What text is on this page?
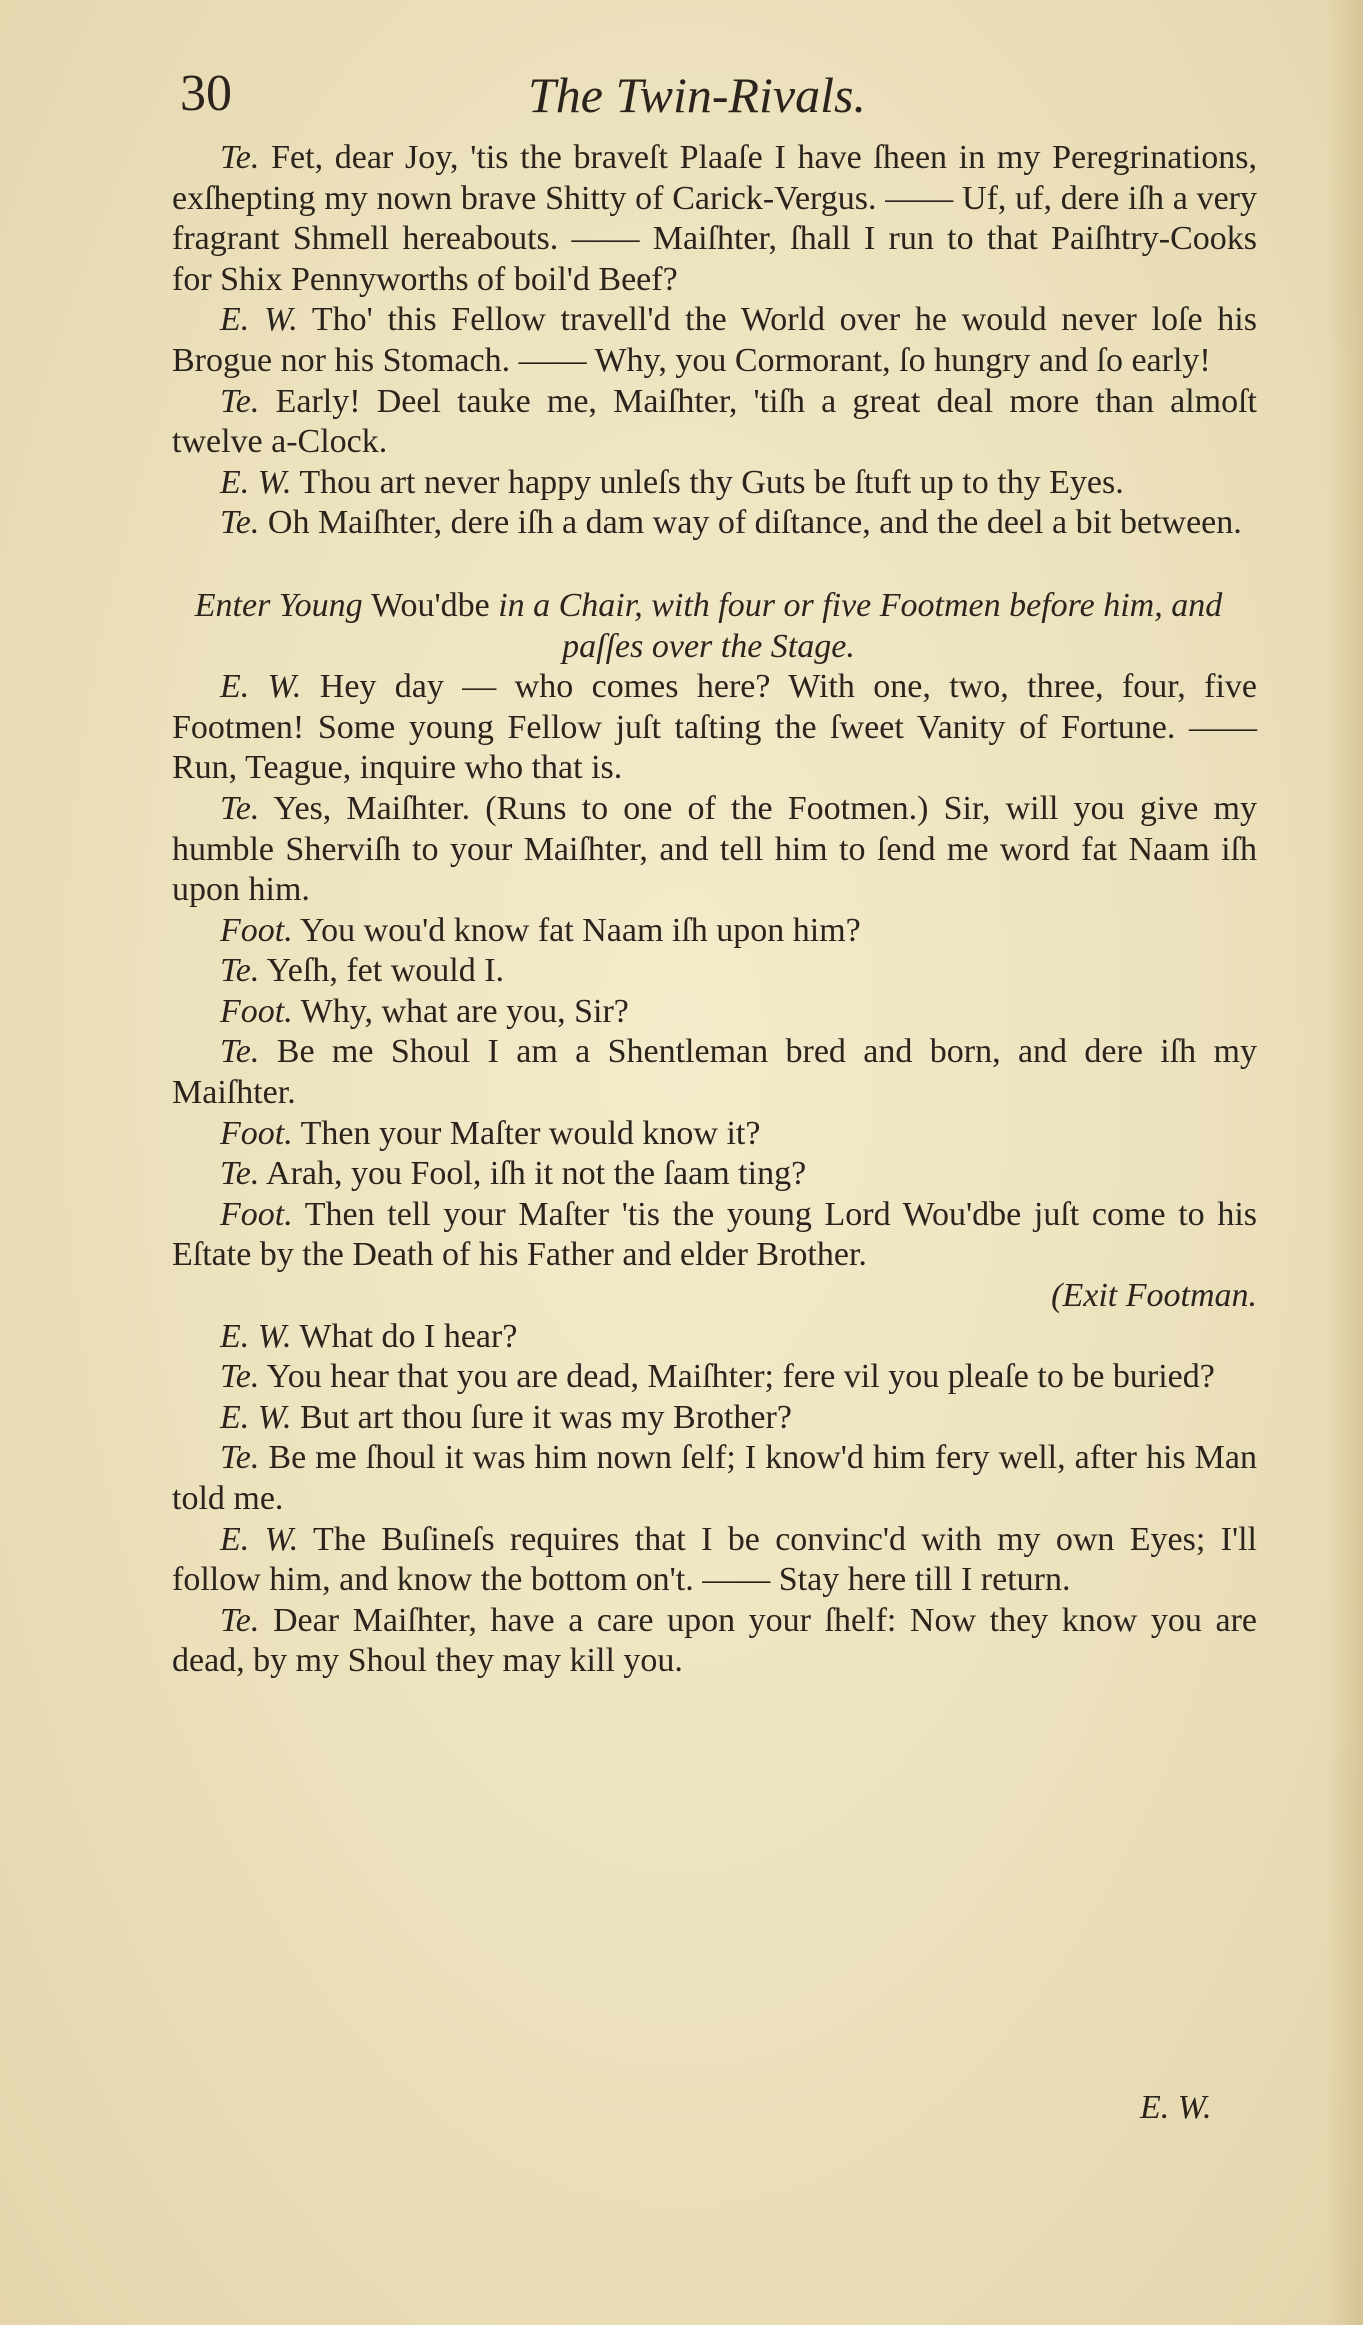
30	The Twin-Rivals.

Te. Fet, dear Joy, 'tis the braveſt Plaaſe I have ſheen in my Peregrinations, exſhepting my nown brave Shitty of Carick-Vergus. —— Uf, uf, dere iſh a very fragrant Shmell hereabouts. —— Maiſhter, ſhall I run to that Paiſhtry-Cooks for Shix Pennyworths of boil'd Beef?

E. W. Tho' this Fellow travell'd the World over he would never loſe his Brogue nor his Stomach. —— Why, you Cormorant, ſo hungry and ſo early!

Te. Early! Deel tauke me, Maiſhter, 'tiſh a great deal more than almoſt twelve a-Clock.

E. W. Thou art never happy unleſs thy Guts be ſtuft up to thy Eyes.

Te. Oh Maiſhter, dere iſh a dam way of diſtance, and the deel a bit between.

Enter Young Wou'dbe in a Chair, with four or five Footmen before him, and paſſes over the Stage.

E. W. Hey day — who comes here? With one, two, three, four, five Footmen! Some young Fellow juſt taſting the ſweet Vanity of Fortune. —— Run, Teague, inquire who that is.

Te. Yes, Maiſhter. (Runs to one of the Footmen.) Sir, will you give my humble Sherviſh to your Maiſhter, and tell him to ſend me word fat Naam iſh upon him.

Foot. You wou'd know fat Naam iſh upon him?

Te. Yeſh, fet would I.

Foot. Why, what are you, Sir?

Te. Be me Shoul I am a Shentleman bred and born, and dere iſh my Maiſhter.

Foot. Then your Maſter would know it?

Te. Arah, you Fool, iſh it not the ſaam ting?

Foot. Then tell your Maſter 'tis the young Lord Wou'dbe juſt come to his Eſtate by the Death of his Father and elder Brother.

(Exit Footman.

E. W. What do I hear?

Te. You hear that you are dead, Maiſhter; fere vil you pleaſe to be buried?

E. W. But art thou ſure it was my Brother?

Te. Be me ſhoul it was him nown ſelf; I know'd him fery well, after his Man told me.

E. W. The Buſineſs requires that I be convinc'd with my own Eyes; I'll follow him, and know the bottom on't. —— Stay here till I return.

Te. Dear Maiſhter, have a care upon your ſhelf: Now they know you are dead, by my Shoul they may kill you.

E. W.
